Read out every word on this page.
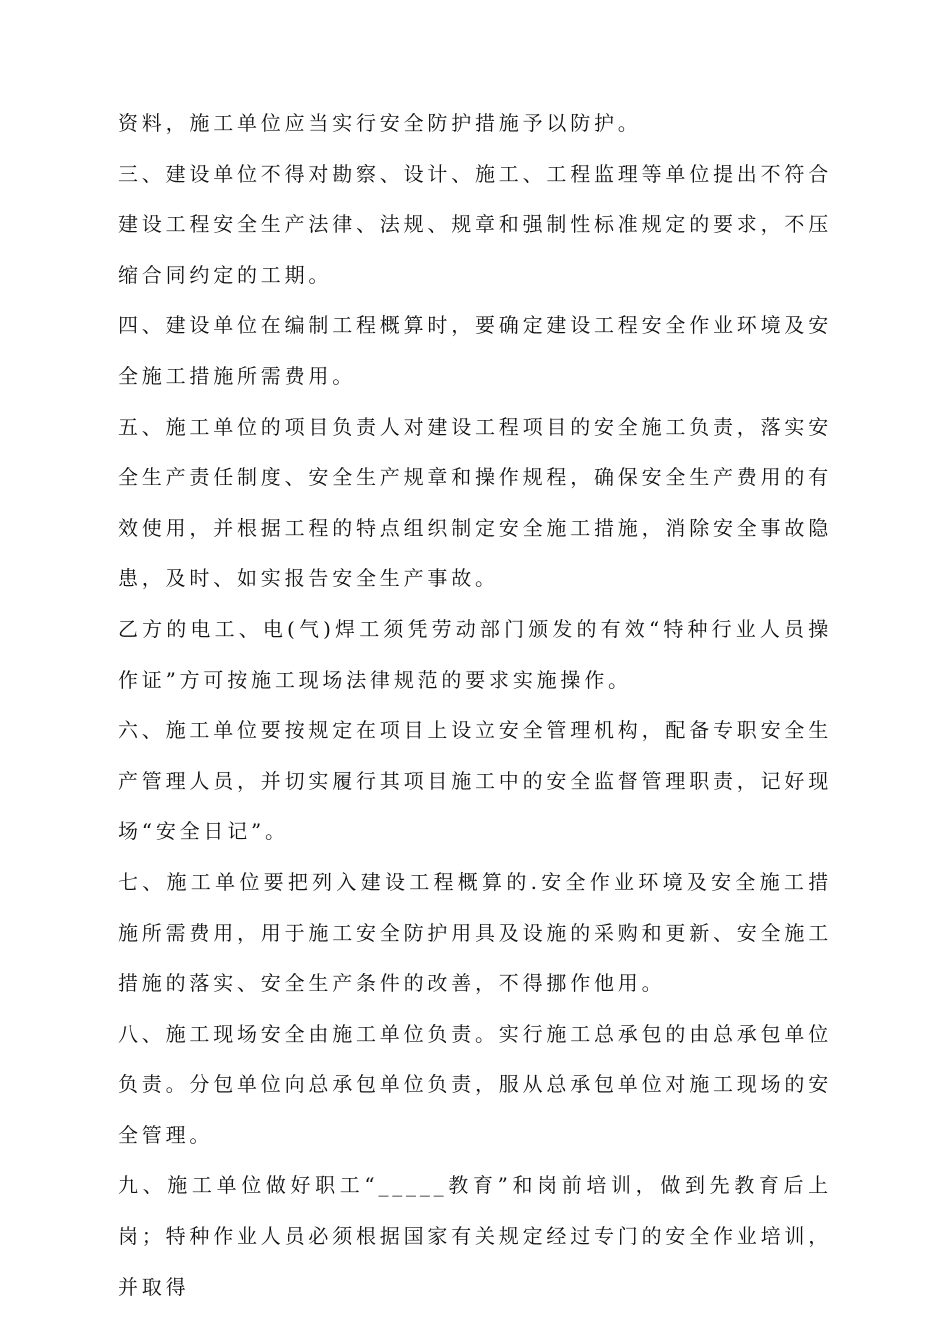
资料，施工单位应当实行安全防护措施予以防护。

三、建设单位不得对勘察、设计、施工、工程监理等单位提出不符合建设工程安全生产法律、法规、规章和强制性标准规定的要求，不压缩合同约定的工期。

四、建设单位在编制工程概算时，要确定建设工程安全作业环境及安全施工措施所需费用。

五、施工单位的项目负责人对建设工程项目的安全施工负责，落实安全生产责任制度、安全生产规章和操作规程，确保安全生产费用的有效使用，并根据工程的特点组织制定安全施工措施，消除安全事故隐患，及时、如实报告安全生产事故。

乙方的电工、电(气)焊工须凭劳动部门颁发的有效“特种行业人员操作证”方可按施工现场法律规范的要求实施操作。

六、施工单位要按规定在项目上设立安全管理机构，配备专职安全生产管理人员，并切实履行其项目施工中的安全监督管理职责，记好现场“安全日记”。

七、施工单位要把列入建设工程概算的.安全作业环境及安全施工措施所需费用，用于施工安全防护用具及设施的采购和更新、安全施工措施的落实、安全生产条件的改善，不得挪作他用。

八、施工现场安全由施工单位负责。实行施工总承包的由总承包单位负责。分包单位向总承包单位负责，服从总承包单位对施工现场的安全管理。

九、施工单位做好职工“_____教育”和岗前培训，做到先教育后上岗；特种作业人员必须根据国家有关规定经过专门的安全作业培训，并取得
